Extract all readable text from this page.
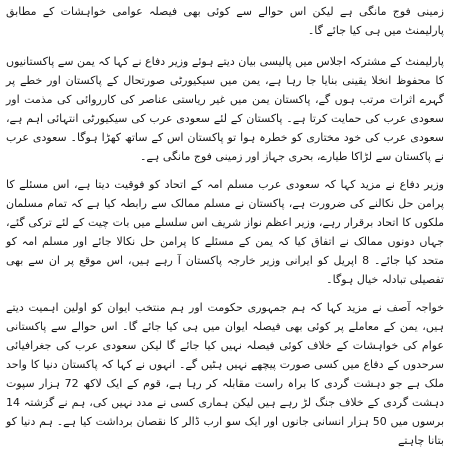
زمینی فوج مانگی ہے لیکن اس حوالے سے کوئی بھی فیصلہ عوامی خواہشات کے مطابق پارلیمنٹ میں ہی کیا جائے گا۔

پارلیمنٹ کے مشترکہ اجلاس میں پالیسی بیان دیتے ہوئے وزیر دفاع نے کہا کہ یمن سے پاکستانیوں کا محفوظ انخلا یقینی بنایا جا رہا ہے، یمن میں سیکیورٹی صورتحال کے پاکستان اور خطے پر گہرے اثرات مرتب ہوں گے، پاکستان یمن میں غیر ریاستی عناصر کی کارروائی کی مذمت اور سعودی عرب کی حمایت کرتا ہے۔ پاکستان کے لئے سعودی عرب کی سیکیورٹی انتہائی اہم ہے، سعودی عرب کی خود مختاری کو خطرہ ہوا تو پاکستان اس کے ساتھ کھڑا ہوگا۔ سعودی عرب نے پاکستان سے لڑاکا طیارے، بحری جہاز اور زمینی فوج مانگی ہے۔

وزیر دفاع نے مزید کہا کہ سعودی عرب مسلم امہ کے اتحاد کو فوقیت دیتا ہے، اس مسئلے کا پرامن حل نکالنے کی ضرورت ہے، پاکستان نے مسلم ممالک سے رابطہ کیا ہے کہ تمام مسلمان ملکوں کا اتحاد برقرار رہے، وزیر اعظم نواز شریف اس سلسلے میں بات چیت کے لئے ترکی گئے، جہاں دونوں ممالک نے اتفاق کیا کہ یمن کے مسئلے کا پرامن حل نکالا جائے اور مسلم امہ کو متحد کیا جائے۔ 8 اپریل کو ایرانی وزیر خارجہ پاکستان آ رہے ہیں، اس موقع پر ان سے بھی تفصیلی تبادلہ خیال ہوگا۔

خواجہ آصف نے مزید کہا کہ ہم جمہوری حکومت اور ہم منتخب ایوان کو اولین اہمیت دیتے ہیں، یمن کے معاملے پر کوئی بھی فیصلہ ایوان میں ہی کیا جائے گا۔ اس حوالے سے پاکستانی عوام کی خواہشات کے خلاف کوئی فیصلہ نہیں کیا جائے گا لیکن سعودی عرب کی جغرافیائی سرحدوں کے دفاع میں کسی صورت پیچھے نہیں ہٹیں گے۔ انہوں نے کہا کہ پاکستان دنیا کا واحد ملک ہے جو دہشت گردی کا براہ راست مقابلہ کر رہا ہے، قوم کے ایک لاکھ 72 ہزار سپوت دہشت گردی کے خلاف جنگ لڑ رہے ہیں لیکن ہماری کسی نے مدد نہیں کی، ہم نے گزشتہ 14 برسوں میں 50 ہزار انسانی جانوں اور ایک سو ارب ڈالر کا نقصان برداشت کیا ہے۔ ہم دنیا کو بتانا چاہتے
